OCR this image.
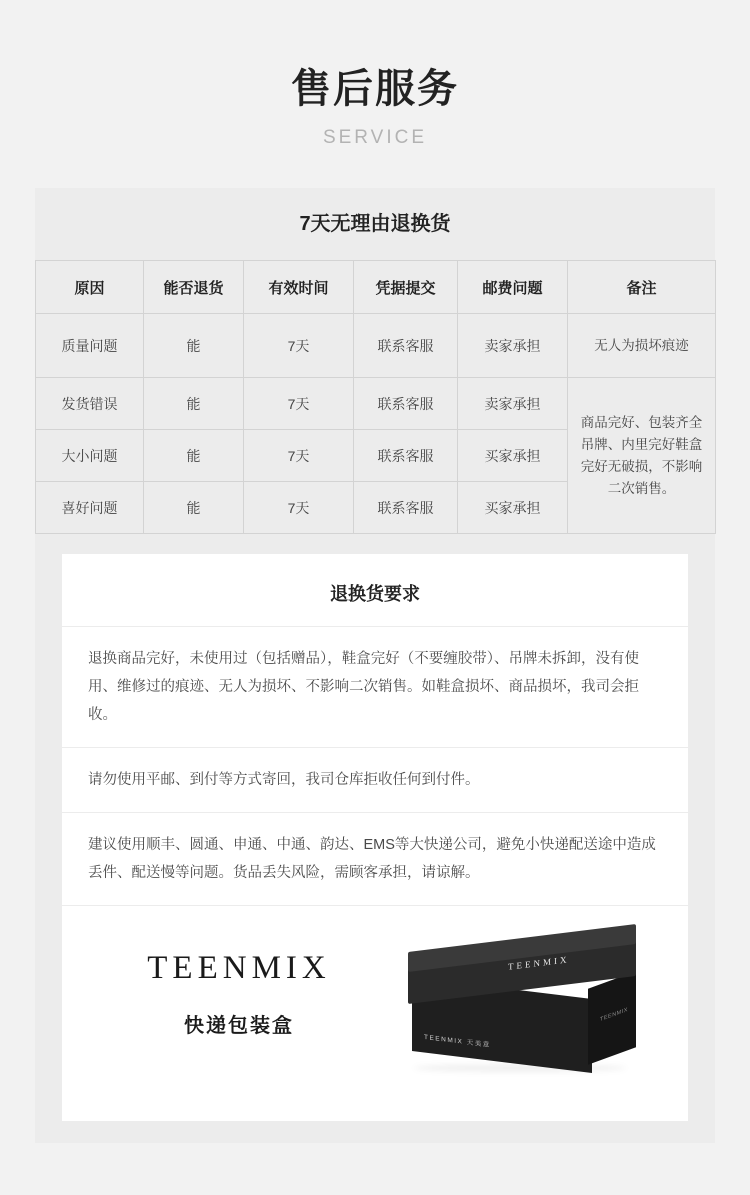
售后服务
SERVICE
7天无理由退换货
原因	能否退货	有效时间	凭据提交	邮费问题	备注
质量问题	能	7天	联系客服	卖家承担	无人为损坏痕迹
发货错误	能	7天	联系客服	卖家承担	商品完好、包装齐全吊牌、内里完好鞋盒完好无破损，不影响二次销售。
大小问题	能	7天	联系客服	买家承担	
喜好问题	能	7天	联系客服	买家承担	
退换货要求
退换商品完好，未使用过（包括赠品），鞋盒完好（不要缠胶带）、吊牌未拆卸，没有使用、维修过的痕迹、无人为损坏、不影响二次销售。如鞋盒损坏、商品损坏，我司会拒收。
请勿使用平邮、到付等方式寄回，我司仓库拒收任何到付件。
建议使用顺丰、圆通、申通、中通、韵达、EMS等大快递公司，避免小快递配送途中造成丢件、配送慢等问题。货品丢失风险，需顾客承担，请谅解。
TEENMIX
快递包装盒
TEENMIX
TEENMIX 天美意
TEENMIX
